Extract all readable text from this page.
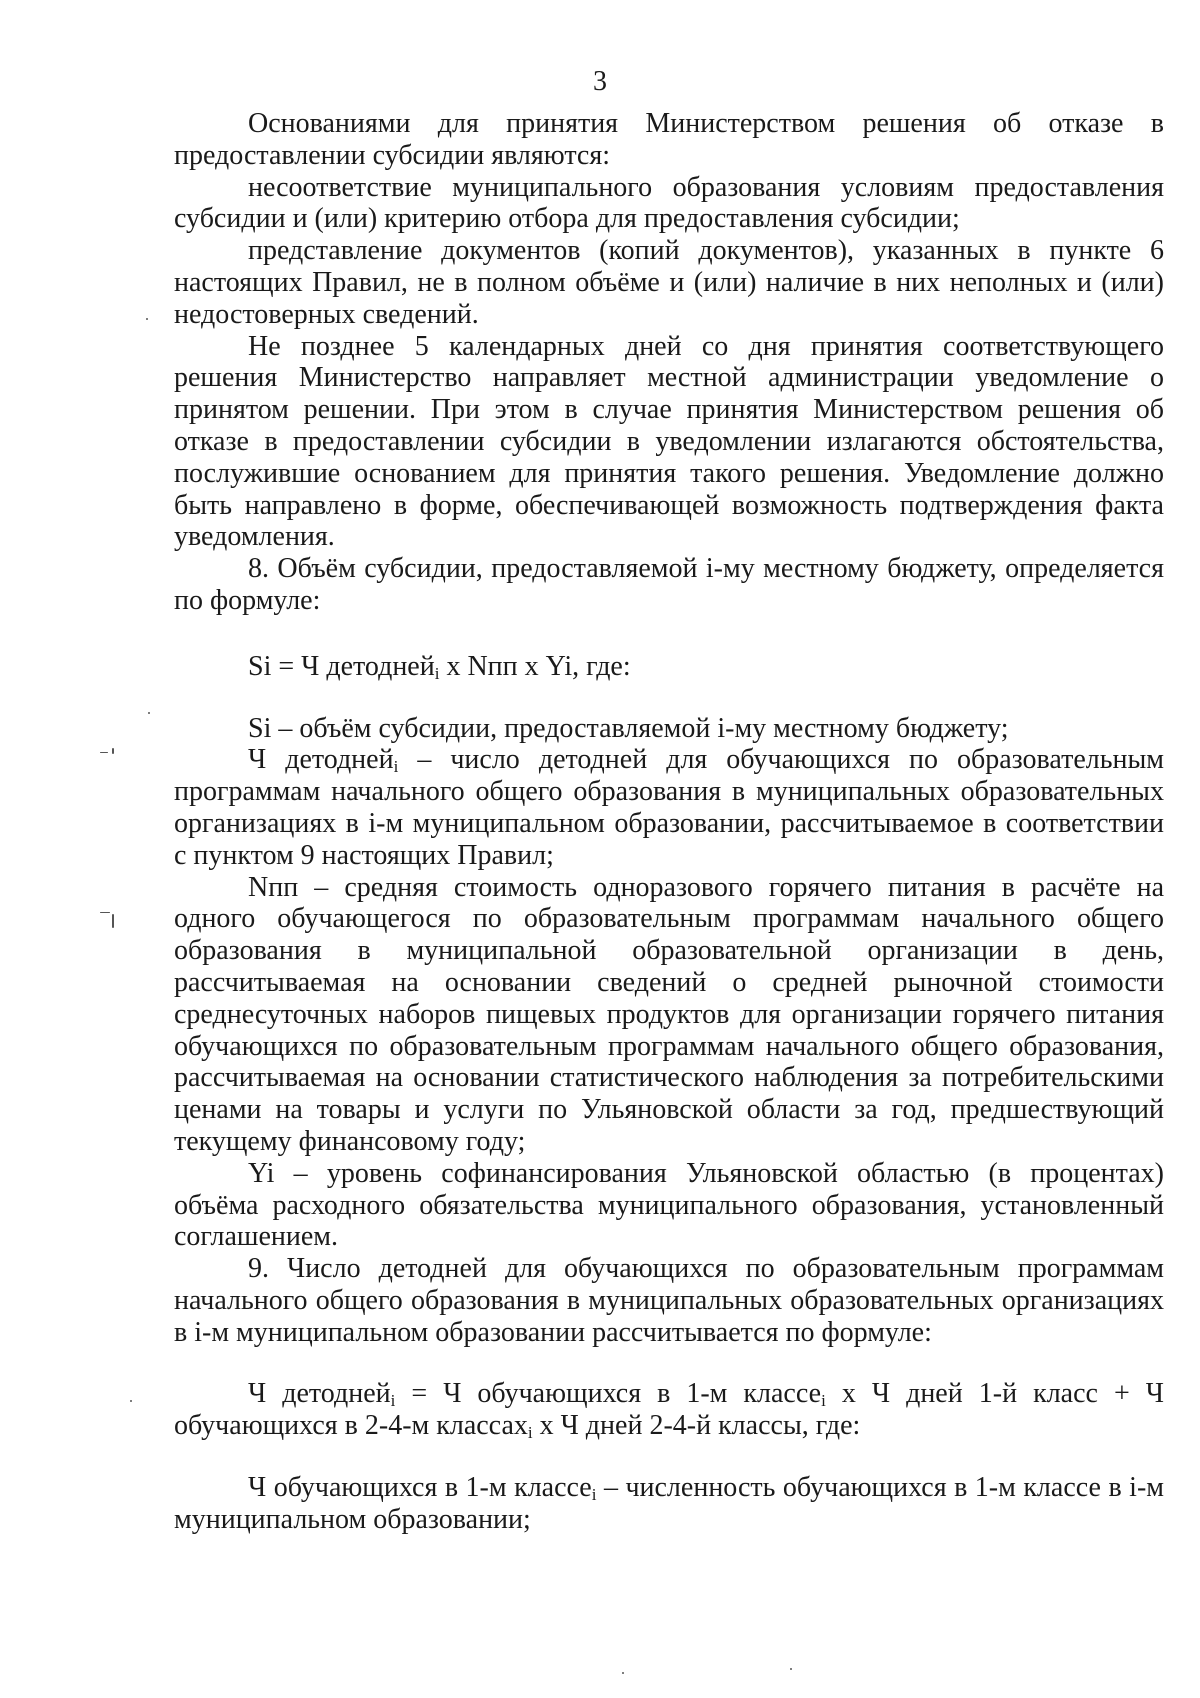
3

Основаниями для принятия Министерством решения об отказе в предоставлении субсидии являются:

несоответствие муниципального образования условиям предоставления субсидии и (или) критерию отбора для предоставления субсидии;

представление документов (копий документов), указанных в пункте 6 настоящих Правил, не в полном объёме и (или) наличие в них неполных и (или) недостоверных сведений.

Не позднее 5 календарных дней со дня принятия соответствующего решения Министерство направляет местной администрации уведомление о принятом решении. При этом в случае принятия Министерством решения об отказе в предоставлении субсидии в уведомлении излагаются обстоятельства, послужившие основанием для принятия такого решения. Уведомление должно быть направлено в форме, обеспечивающей возможность подтверждения факта уведомления.

8. Объём субсидии, предоставляемой i-му местному бюджету, определяется по формуле:

Si = Ч детодней$_i$ х Nпп х Yi, где:

Si – объём субсидии, предоставляемой i-му местному бюджету;

Ч детодней$_i$ – число детодней для обучающихся по образовательным программам начального общего образования в муниципальных образовательных организациях в i-м муниципальном образовании, рассчитываемое в соответствии с пунктом 9 настоящих Правил;

Nпп – средняя стоимость одноразового горячего питания в расчёте на одного обучающегося по образовательным программам начального общего образования в муниципальной образовательной организации в день, рассчитываемая на основании сведений о средней рыночной стоимости среднесуточных наборов пищевых продуктов для организации горячего питания обучающихся по образовательным программам начального общего образования, рассчитываемая на основании статистического наблюдения за потребительскими ценами на товары и услуги по Ульяновской области за год, предшествующий текущему финансовому году;

Yi – уровень софинансирования Ульяновской областью (в процентах) объёма расходного обязательства муниципального образования, установленный соглашением.

9. Число детодней для обучающихся по образовательным программам начального общего образования в муниципальных образовательных организациях в i-м муниципальном образовании рассчитывается по формуле:

Ч детодней$_i$ = Ч обучающихся в 1-м классе$_i$ х Ч дней 1-й класс + Ч обучающихся в 2-4-м классах$_i$ х Ч дней 2-4-й классы, где:

Ч обучающихся в 1-м классе$_i$ – численность обучающихся в 1-м классе в i-м муниципальном образовании;
